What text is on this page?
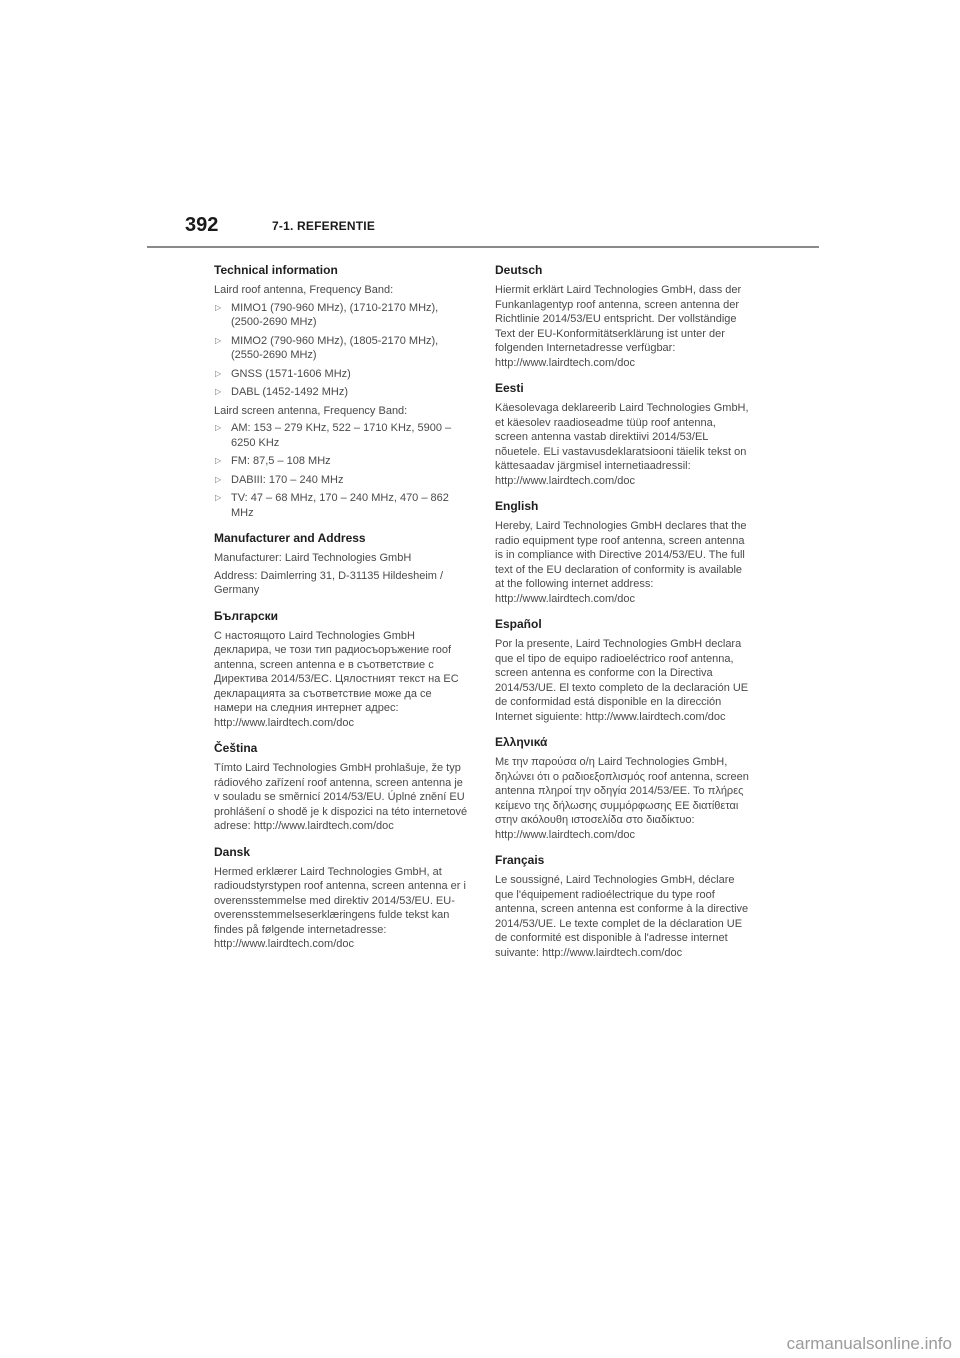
392	7-1. REFERENTIE
Technical information
Laird roof antenna, Frequency Band:
▷ MIMO1 (790-960 MHz), (1710-2170 MHz), (2500-2690 MHz)
▷ MIMO2 (790-960 MHz), (1805-2170 MHz), (2550-2690 MHz)
▷ GNSS (1571-1606 MHz)
▷ DABL (1452-1492 MHz)
Laird screen antenna, Frequency Band:
▷ AM: 153 – 279 KHz, 522 – 1710 KHz, 5900 – 6250 KHz
▷ FM: 87,5 – 108 MHz
▷ DABIII: 170 – 240 MHz
▷ TV: 47 – 68 MHz, 170 – 240 MHz, 470 – 862 MHz
Manufacturer and Address
Manufacturer: Laird Technologies GmbH
Address: Daimlerring 31, D-31135 Hildesheim / Germany
Български
С настоящото Laird Technologies GmbH декларира, че този тип радиосъоръжение roof antenna, screen antenna е в съответствие с Директива 2014/53/ЕС. Цялостният текст на ЕС декларацията за съответствие може да се намери на следния интернет адрес: http://www.lairdtech.com/doc
Čeština
Tímto Laird Technologies GmbH prohlašuje, že typ rádiového zařízení roof antenna, screen antenna je v souladu se směrnicí 2014/53/EU. Úplné znění EU prohlášení o shodě je k dispozici na této internetové adrese: http://www.lairdtech.com/doc
Dansk
Hermed erklærer Laird Technologies GmbH, at radioudstyrstypen roof antenna, screen antenna er i overensstemmelse med direktiv 2014/53/EU. EU-overensstemmelseserklæringens fulde tekst kan findes på følgende internetadresse: http://www.lairdtech.com/doc
Deutsch
Hiermit erklärt Laird Technologies GmbH, dass der Funkanlagentyp roof antenna, screen antenna der Richtlinie 2014/53/EU entspricht. Der vollständige Text der EU-Konformitätserklärung ist unter der folgenden Internetadresse verfügbar: http://www.lairdtech.com/doc
Eesti
Käesolevaga deklareerib Laird Technologies GmbH, et käesolev raadioseadme tüüp roof antenna, screen antenna vastab direktiivi 2014/53/EL nõuetele. ELi vastavusdeklaratsiooni täielik tekst on kättesaadav järgmisel internetiaadressil: http://www.lairdtech.com/doc
English
Hereby, Laird Technologies GmbH declares that the radio equipment type roof antenna, screen antenna is in compliance with Directive 2014/53/EU. The full text of the EU declaration of conformity is available at the following internet address: http://www.lairdtech.com/doc
Español
Por la presente, Laird Technologies GmbH declara que el tipo de equipo radioeléctrico roof antenna, screen antenna es conforme con la Directiva 2014/53/UE. El texto completo de la declaración UE de conformidad está disponible en la dirección Internet siguiente: http://www.lairdtech.com/doc
Ελληνικά
Με την παρούσα ο/η Laird Technologies GmbH, δηλώνει ότι ο ραδιοεξοπλισμός roof antenna, screen antenna πληροί την οδηγία 2014/53/ΕΕ. Το πλήρες κείμενο της δήλωσης συμμόρφωσης ΕΕ διατίθεται στην ακόλουθη ιστοσελίδα στο διαδίκτυο: http://www.lairdtech.com/doc
Français
Le soussigné, Laird Technologies GmbH, déclare que l'équipement radioélectrique du type roof antenna, screen antenna est conforme à la directive 2014/53/UE. Le texte complet de la déclaration UE de conformité est disponible à l'adresse internet suivante: http://www.lairdtech.com/doc
carmanualsonline.info
